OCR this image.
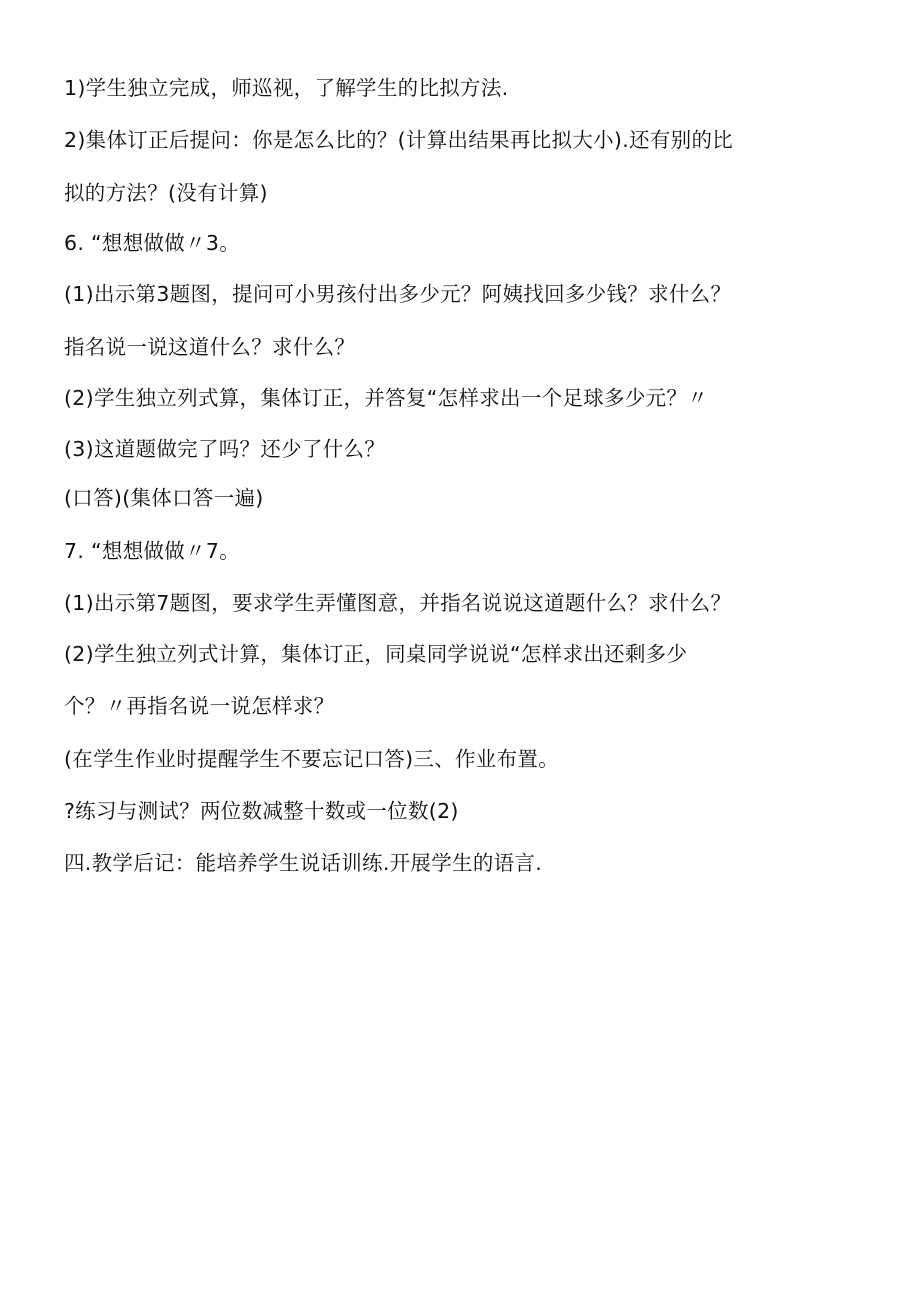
1)学生独立完成，师巡视，了解学生的比拟方法.
2)集体订正后提问：你是怎么比的？(计算出结果再比拟大小).还有别的比
拟的方法？(没有计算)
6. “想想做做〃3。
(1)出示第3题图，提问可小男孩付出多少元？阿姨找回多少钱？求什么？
指名说一说这道什么？求什么？
(2)学生独立列式算，集体订正，并答复“怎样求出一个足球多少元？〃
(3)这道题做完了吗？还少了什么？
(口答)(集体口答一遍)
7. “想想做做〃7。
(1)出示第7题图，要求学生弄懂图意，并指名说说这道题什么？求什么？
(2)学生独立列式计算，集体订正，同桌同学说说“怎样求出还剩多少
个？〃再指名说一说怎样求？
(在学生作业时提醒学生不要忘记口答)三、作业布置。
?练习与测试？两位数减整十数或一位数(2)
四.教学后记：能培养学生说话训练.开展学生的语言.
